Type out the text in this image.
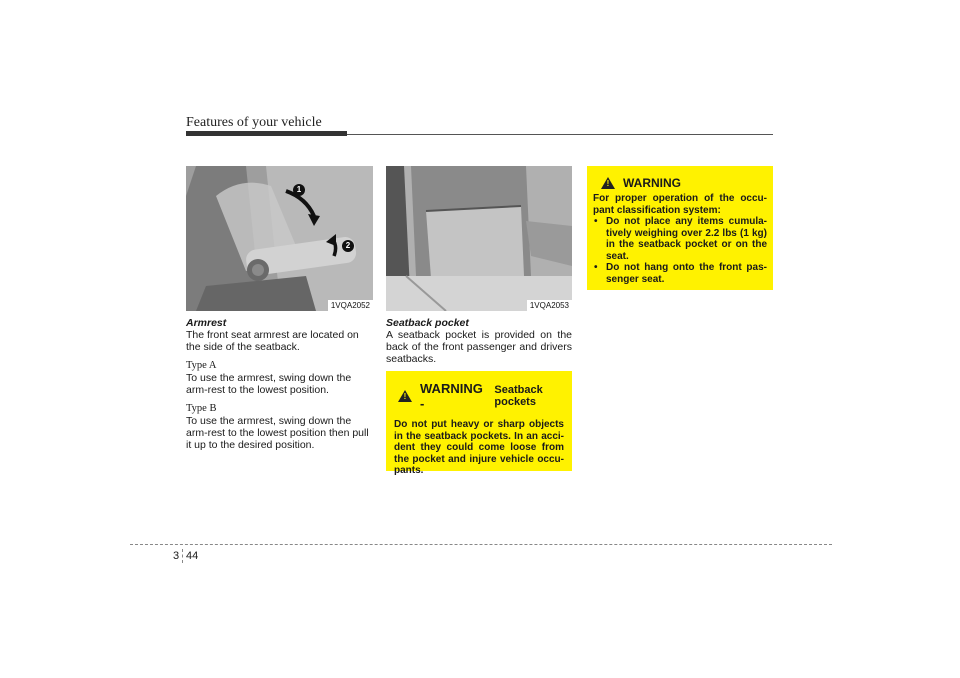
Features of your vehicle
1
2
1VQA2052

Armrest

The front seat armrest are located on the side of the seatback.

Type A

To use the armrest, swing down the arm-rest to the lowest position.

Type B

To use the armrest, swing down the arm-rest to the lowest position then pull it up to the desired position.

1VQA2053

Seatback pocket

A seatback pocket is provided on the back of the front passenger and drivers seatbacks.

!
WARNING -
Seatback pockets
Do not put heavy or sharp objects in the seatback pockets. In an acci-dent they could come loose from the pocket and injure vehicle occu-pants.
! WARNING
For proper operation of the occu-pant classification system:
• Do not place any items cumula-tively weighing over 2.2 lbs (1 kg) in the seatback pocket or on the seat.
• Do not hang onto the front pas-senger seat.
3 44
